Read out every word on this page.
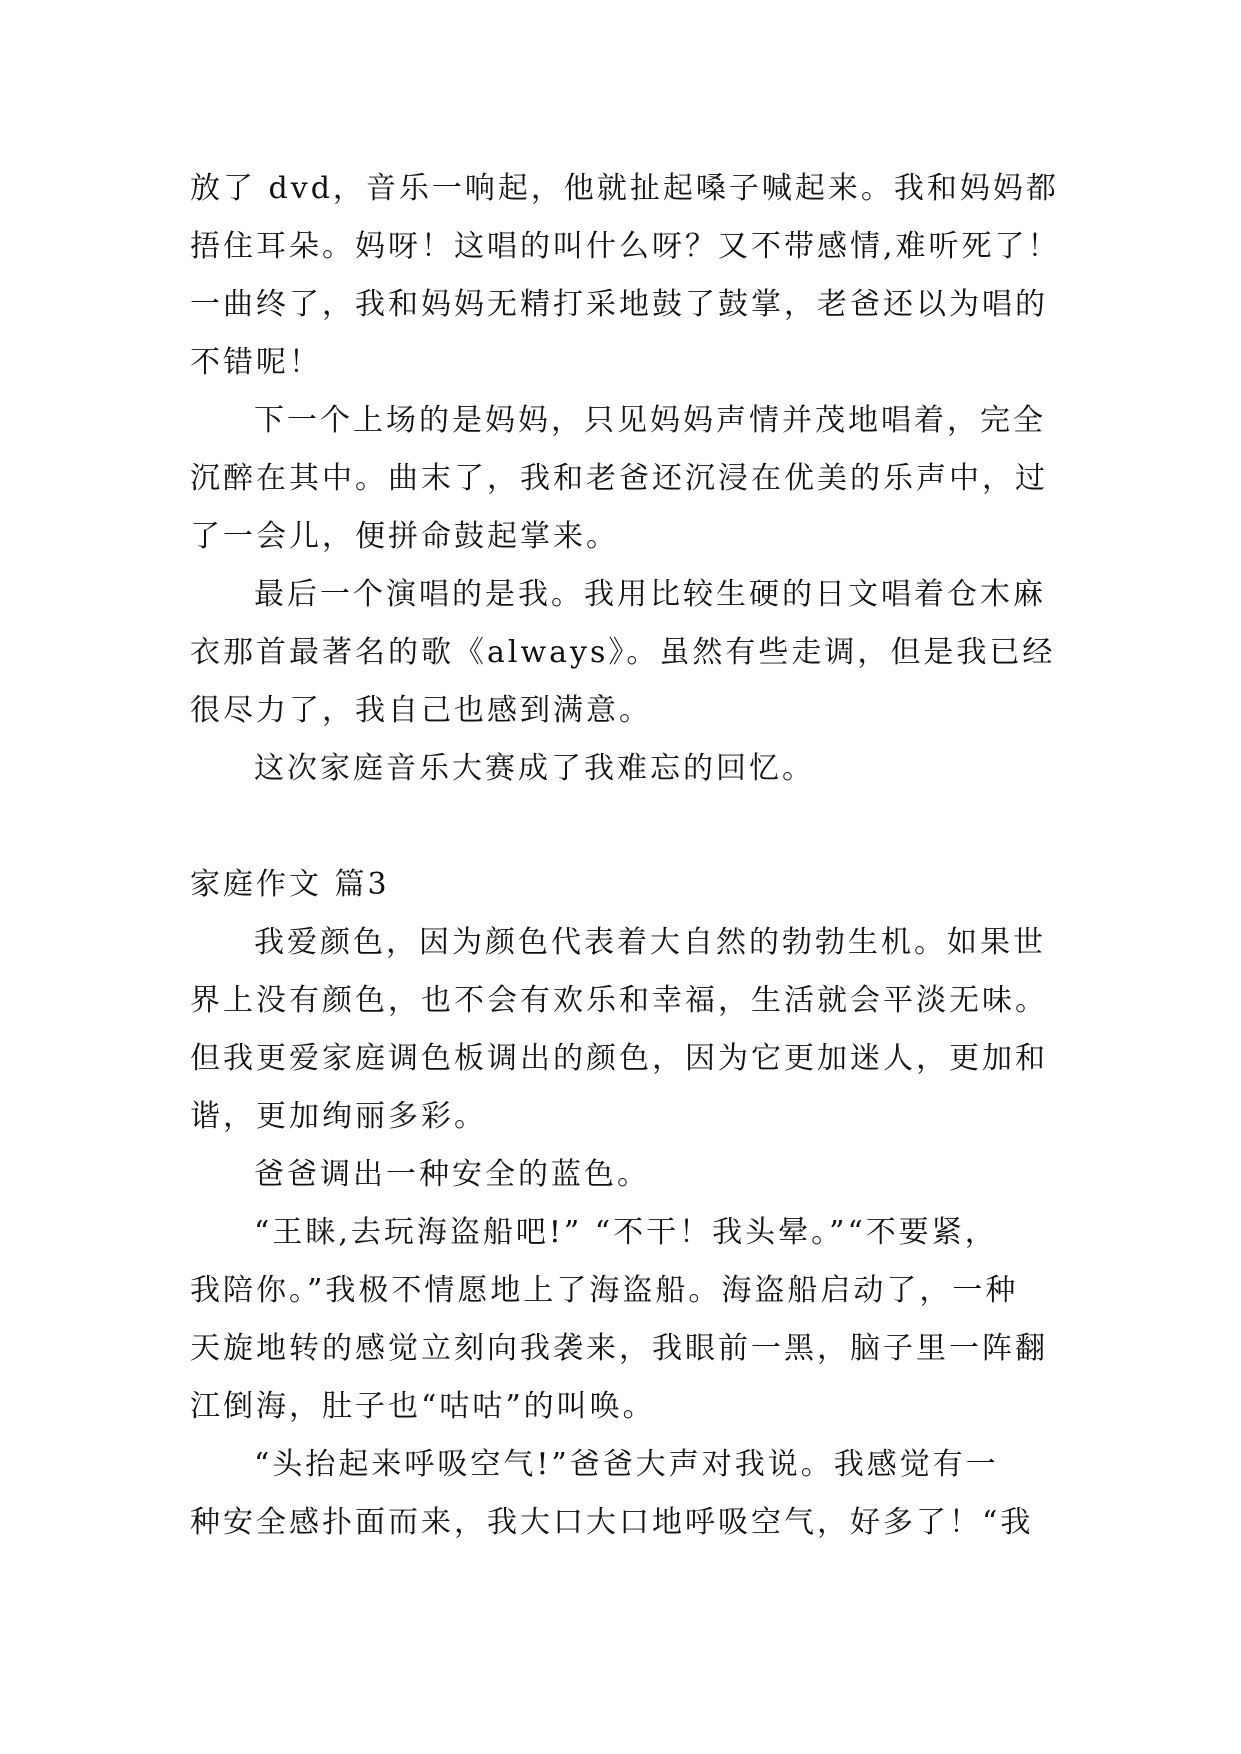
放了 dvd，音乐一响起，他就扯起嗓子喊起来。我和妈妈都
捂住耳朵。妈呀！这唱的叫什么呀？又不带感情,难听死了！
一曲终了，我和妈妈无精打采地鼓了鼓掌，老爸还以为唱的
不错呢！
下一个上场的是妈妈，只见妈妈声情并茂地唱着，完全
沉醉在其中。曲末了，我和老爸还沉浸在优美的乐声中，过
了一会儿，便拼命鼓起掌来。
最后一个演唱的是我。我用比较生硬的日文唱着仓木麻
衣那首最著名的歌《always》。虽然有些走调，但是我已经
很尽力了，我自己也感到满意。
这次家庭音乐大赛成了我难忘的回忆。
家庭作文 篇3
我爱颜色，因为颜色代表着大自然的勃勃生机。如果世
界上没有颜色，也不会有欢乐和幸福，生活就会平淡无味。
但我更爱家庭调色板调出的颜色，因为它更加迷人，更加和
谐，更加绚丽多彩。
爸爸调出一种安全的蓝色。
“王睐,去玩海盗船吧!” “不干！我头晕。”“不要紧，
我陪你。”我极不情愿地上了海盗船。海盗船启动了，一种
天旋地转的感觉立刻向我袭来，我眼前一黑，脑子里一阵翻
江倒海，肚子也“咕咕”的叫唤。
“头抬起来呼吸空气!”爸爸大声对我说。我感觉有一
种安全感扑面而来，我大口大口地呼吸空气，好多了！“我
